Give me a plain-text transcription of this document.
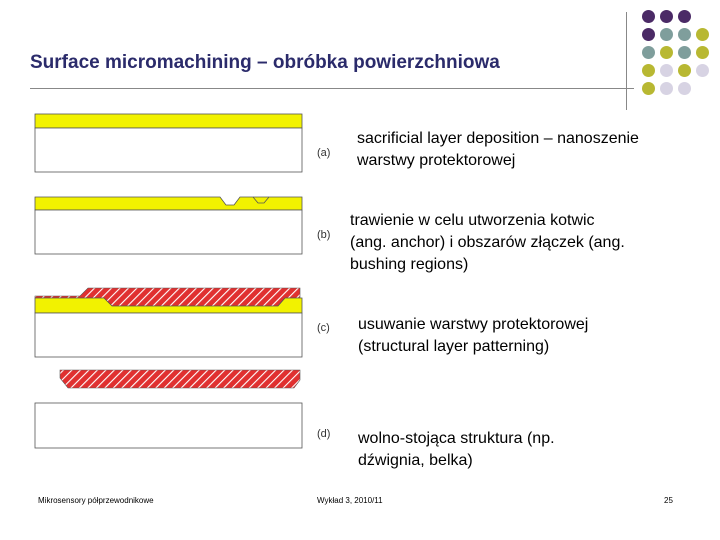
Surface micromachining – obróbka powierzchniowa
(a)
(b)
(c)
(d)
sacrificial layer deposition – nanoszenie
warstwy protektorowej
trawienie w celu utworzenia kotwic
(ang. anchor) i obszarów złączek (ang.
bushing regions)
usuwanie warstwy protektorowej
(structural layer patterning)
wolno-stojąca struktura (np.
dźwignia, belka)
Mikrosensory półprzewodnikowe	Wykład 3, 2010/11	25
